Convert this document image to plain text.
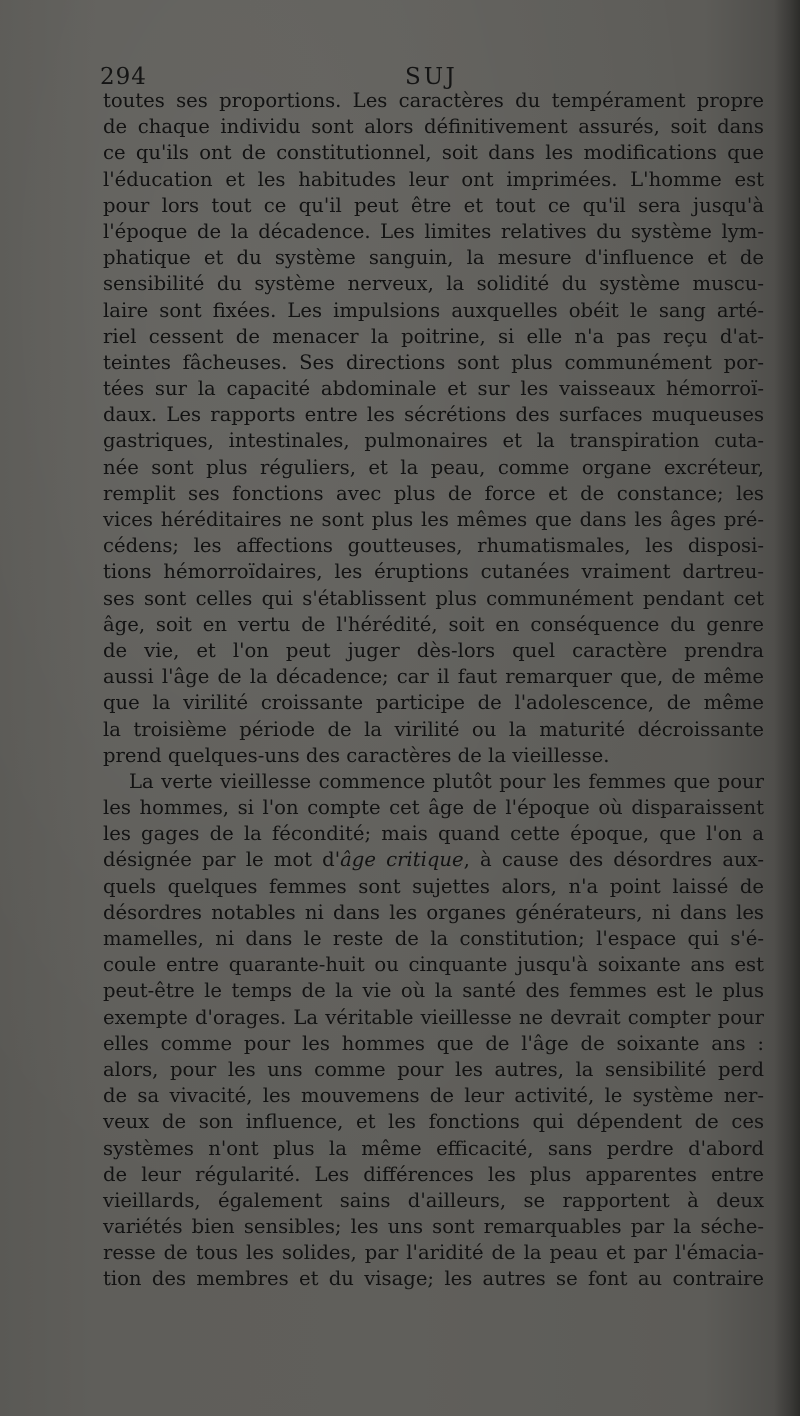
294	SUJ
toutes ses proportions. Les caractères du tempérament propre
de chaque individu sont alors définitivement assurés, soit dans
ce qu'ils ont de constitutionnel, soit dans les modifications que
l'éducation et les habitudes leur ont imprimées. L'homme est
pour lors tout ce qu'il peut être et tout ce qu'il sera jusqu'à
l'époque de la décadence. Les limites relatives du système lym-
phatique et du système sanguin, la mesure d'influence et de
sensibilité du système nerveux, la solidité du système muscu-
laire sont fixées. Les impulsions auxquelles obéit le sang arté-
riel cessent de menacer la poitrine, si elle n'a pas reçu d'at-
teintes fâcheuses. Ses directions sont plus communément por-
tées sur la capacité abdominale et sur les vaisseaux hémorroï-
daux. Les rapports entre les sécrétions des surfaces muqueuses
gastriques, intestinales, pulmonaires et la transpiration cuta-
née sont plus réguliers, et la peau, comme organe excréteur,
remplit ses fonctions avec plus de force et de constance; les
vices héréditaires ne sont plus les mêmes que dans les âges pré-
cédens; les affections goutteuses, rhumatismales, les disposi-
tions hémorroïdaires, les éruptions cutanées vraiment dartreu-
ses sont celles qui s'établissent plus communément pendant cet
âge, soit en vertu de l'hérédité, soit en conséquence du genre
de vie, et l'on peut juger dès-lors quel caractère prendra
aussi l'âge de la décadence; car il faut remarquer que, de même
que la virilité croissante participe de l'adolescence, de même
la troisième période de la virilité ou la maturité décroissante
prend quelques-uns des caractères de la vieillesse.
La verte vieillesse commence plutôt pour les femmes que pour
les hommes, si l'on compte cet âge de l'époque où disparaissent
les gages de la fécondité; mais quand cette époque, que l'on a
désignée par le mot d'âge critique, à cause des désordres aux-
quels quelques femmes sont sujettes alors, n'a point laissé de
désordres notables ni dans les organes générateurs, ni dans les
mamelles, ni dans le reste de la constitution; l'espace qui s'é-
coule entre quarante-huit ou cinquante jusqu'à soixante ans est
peut-être le temps de la vie où la santé des femmes est le plus
exempte d'orages. La véritable vieillesse ne devrait compter pour
elles comme pour les hommes que de l'âge de soixante ans :
alors, pour les uns comme pour les autres, la sensibilité perd
de sa vivacité, les mouvemens de leur activité, le système ner-
veux de son influence, et les fonctions qui dépendent de ces
systèmes n'ont plus la même efficacité, sans perdre d'abord
de leur régularité. Les différences les plus apparentes entre
vieillards, également sains d'ailleurs, se rapportent à deux
variétés bien sensibles; les uns sont remarquables par la séche-
resse de tous les solides, par l'aridité de la peau et par l'émacia-
tion des membres et du visage; les autres se font au contraire
